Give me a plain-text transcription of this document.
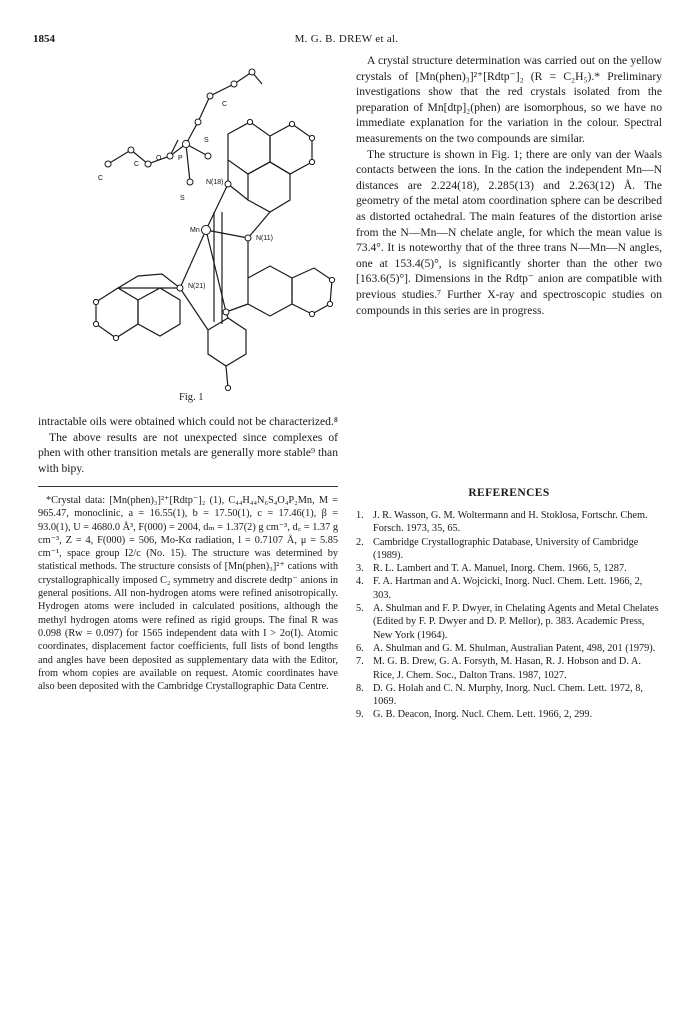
1854	M. G. B. DREW et al.
C
C
O P
S
S
C
Mn
N(18)
N(11)
N(21)
Fig. 1

intractable oils were obtained which could not be characterized.⁸

The above results are not unexpected since complexes of phen with other transition metals are generally more stable⁹ than with bipy.

*Crystal data: [Mn(phen)₃]²⁺[Rdtp⁻]₂ (1), C₄₄H₄₄N₆S₄O₄P₂Mn, M = 965.47, monoclinic, a = 16.55(1), b = 17.50(1), c = 17.46(1), β = 93.0(1), U = 4680.0 Å³, F(000) = 2004, dₘ = 1.37(2) g cm⁻³, d꜀ = 1.37 g cm⁻³, Z = 4, F(000) = 506, Mo-Kα radiation, l = 0.7107 Å, μ = 5.85 cm⁻¹, space group I2/c (No. 15). The structure was determined by statistical methods. The structure consists of [Mn(phen)₃]²⁺ cations with crystallographically imposed C₂ symmetry and discrete dedtp⁻ anions in general positions. All non-hydrogen atoms were refined anisotropically. Hydrogen atoms were included in calculated positions, although the methyl hydrogen atoms were refined as rigid groups. The final R was 0.098 (Rw = 0.097) for 1565 independent data with I > 2σ(I). Atomic coordinates, displacement factor coefficients, full lists of bond lengths and angles have been deposited as supplementary data with the Editor, from whom copies are available on request. Atomic coordinates have also been deposited with the Cambridge Crystallographic Data Centre.

A crystal structure determination was carried out on the yellow crystals of [Mn(phen)₃]²⁺[Rdtp⁻]₂ (R = C₂H₅).* Preliminary investigations show that the red crystals isolated from the preparation of Mn[dtp]₂(phen) are isomorphous, so we have no immediate explanation for the variation in the colour. Spectral measurements on the two compounds are similar.

The structure is shown in Fig. 1; there are only van der Waals contacts between the ions. In the cation the independent Mn—N distances are 2.224(18), 2.285(13) and 2.263(12) Å. The geometry of the metal atom coordination sphere can be described as distorted octahedral. The main features of the distortion arise from the N—Mn—N chelate angle, for which the mean value is 73.4°. It is noteworthy that of the three trans N—Mn—N angles, one at 153.4(5)°, is significantly shorter than the other two [163.6(5)°]. Dimensions in the Rdtp⁻ anion are compatible with previous studies.⁷ Further X-ray and spectroscopic studies on compounds in this series are in progress.

REFERENCES
1. J. R. Wasson, G. M. Woltermann and H. Stoklosa, Fortschr. Chem. Forsch. 1973, 35, 65.
2. Cambridge Crystallographic Database, University of Cambridge (1989).
3. R. L. Lambert and T. A. Manuel, Inorg. Chem. 1966, 5, 1287.
4. F. A. Hartman and A. Wojcicki, Inorg. Nucl. Chem. Lett. 1966, 2, 303.
5. A. Shulman and F. P. Dwyer, in Chelating Agents and Metal Chelates (Edited by F. P. Dwyer and D. P. Mellor), p. 383. Academic Press, New York (1964).
6. A. Shulman and G. M. Shulman, Australian Patent, 498, 201 (1979).
7. M. G. B. Drew, G. A. Forsyth, M. Hasan, R. J. Hobson and D. A. Rice, J. Chem. Soc., Dalton Trans. 1987, 1027.
8. D. G. Holah and C. N. Murphy, Inorg. Nucl. Chem. Lett. 1972, 8, 1069.
9. G. B. Deacon, Inorg. Nucl. Chem. Lett. 1966, 2, 299.
